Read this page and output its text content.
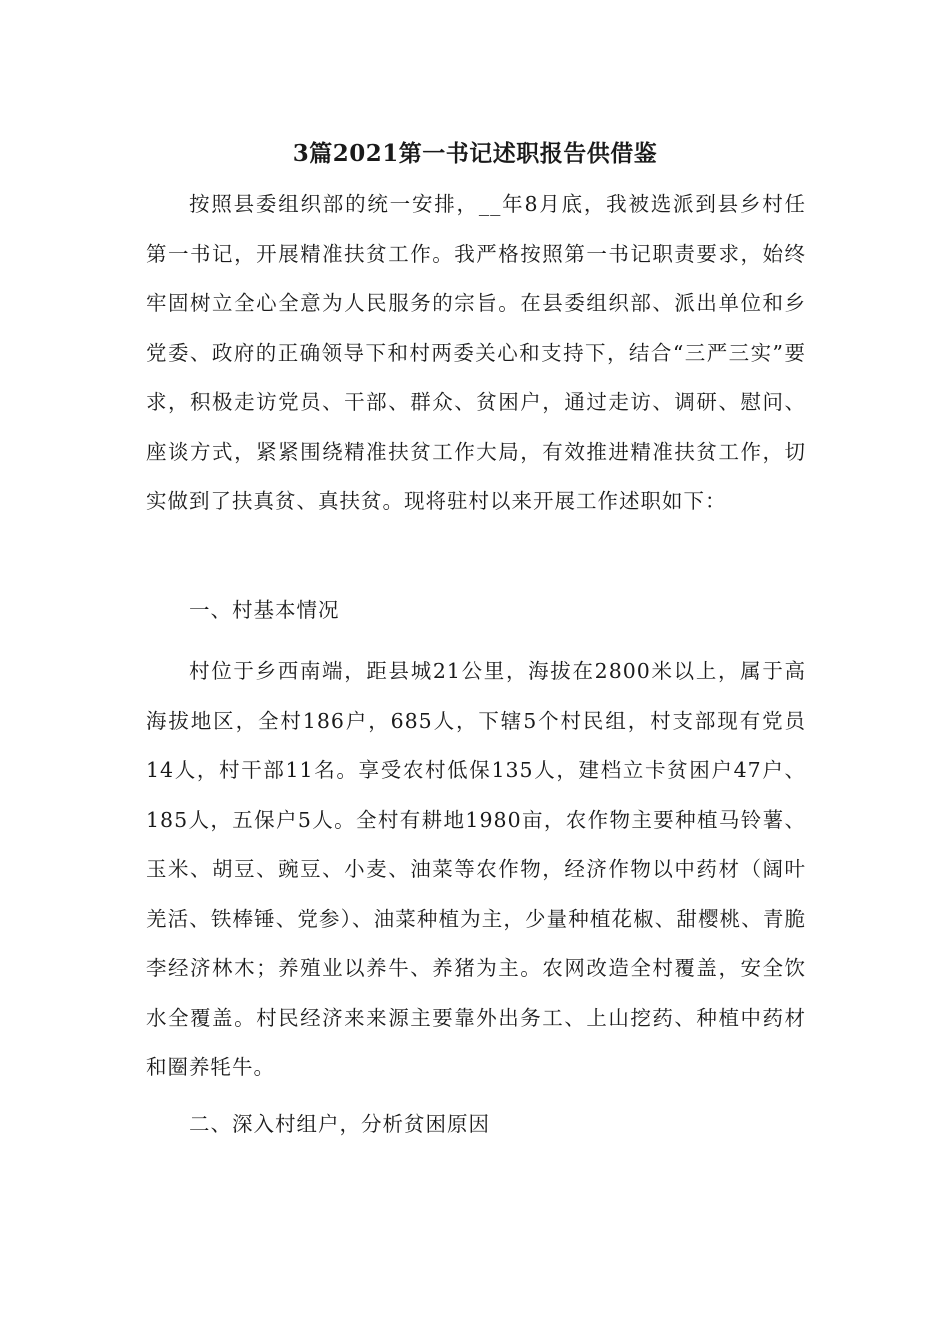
3篇2021第一书记述职报告供借鉴

按照县委组织部的统一安排，__年8月底，我被选派到县乡村任第一书记，开展精准扶贫工作。我严格按照第一书记职责要求，始终牢固树立全心全意为人民服务的宗旨。在县委组织部、派出单位和乡党委、政府的正确领导下和村两委关心和支持下，结合“三严三实”要求，积极走访党员、干部、群众、贫困户，通过走访、调研、慰问、座谈方式，紧紧围绕精准扶贫工作大局，有效推进精准扶贫工作，切实做到了扶真贫、真扶贫。现将驻村以来开展工作述职如下：

一、村基本情况

村位于乡西南端，距县城21公里，海拔在2800米以上，属于高海拔地区，全村186户，685人，下辖5个村民组，村支部现有党员14人，村干部11名。享受农村低保135人，建档立卡贫困户47户、185人，五保户5人。全村有耕地1980亩，农作物主要种植马铃薯、玉米、胡豆、豌豆、小麦、油菜等农作物，经济作物以中药材（阔叶羌活、铁棒锤、党参）、油菜种植为主，少量种植花椒、甜樱桃、青脆李经济林木；养殖业以养牛、养猪为主。农网改造全村覆盖，安全饮水全覆盖。村民经济来来源主要靠外出务工、上山挖药、种植中药材和圈养牦牛。

二、深入村组户，分析贫困原因
